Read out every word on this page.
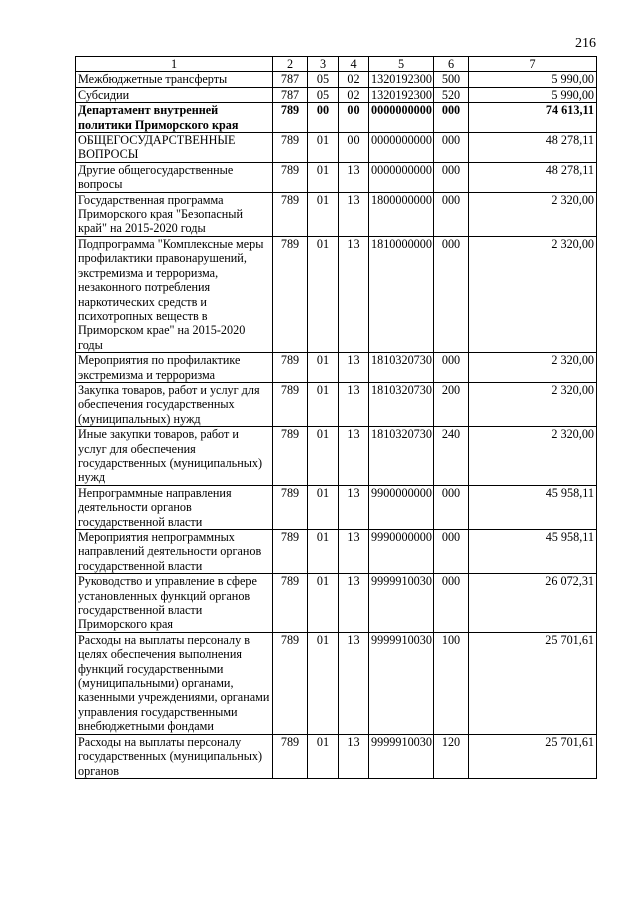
216
1	2	3	4	5	6	7
Межбюджетные трансферты	787	05	02	1320192300	500	5 990,00
Субсидии	787	05	02	1320192300	520	5 990,00
Департамент внутренней политики Приморского края	789	00	00	0000000000	000	74 613,11
ОБЩЕГОСУДАРСТВЕННЫЕ ВОПРОСЫ	789	01	00	0000000000	000	48 278,11
Другие общегосударственные вопросы	789	01	13	0000000000	000	48 278,11
Государственная программа Приморского края "Безопасный край" на 2015-2020 годы	789	01	13	1800000000	000	2 320,00
Подпрограмма "Комплексные меры профилактики правонарушений, экстремизма и терроризма, незаконного потребления наркотических средств и психотропных веществ в Приморском крае" на 2015-2020 годы	789	01	13	1810000000	000	2 320,00
Мероприятия по профилактике экстремизма и терроризма	789	01	13	1810320730	000	2 320,00
Закупка товаров, работ и услуг для обеспечения государственных (муниципальных) нужд	789	01	13	1810320730	200	2 320,00
Иные закупки товаров, работ и услуг для обеспечения государственных (муниципальных) нужд	789	01	13	1810320730	240	2 320,00
Непрограммные направления деятельности органов государственной власти	789	01	13	9900000000	000	45 958,11
Мероприятия непрограммных направлений деятельности органов государственной власти	789	01	13	9990000000	000	45 958,11
Руководство и управление в сфере установленных функций органов государственной власти Приморского края	789	01	13	9999910030	000	26 072,31
Расходы на выплаты персоналу в целях обеспечения выполнения функций государственными (муниципальными) органами, казенными учреждениями, органами управления государственными внебюджетными фондами	789	01	13	9999910030	100	25 701,61
Расходы на выплаты персоналу государственных (муниципальных) органов	789	01	13	9999910030	120	25 701,61
